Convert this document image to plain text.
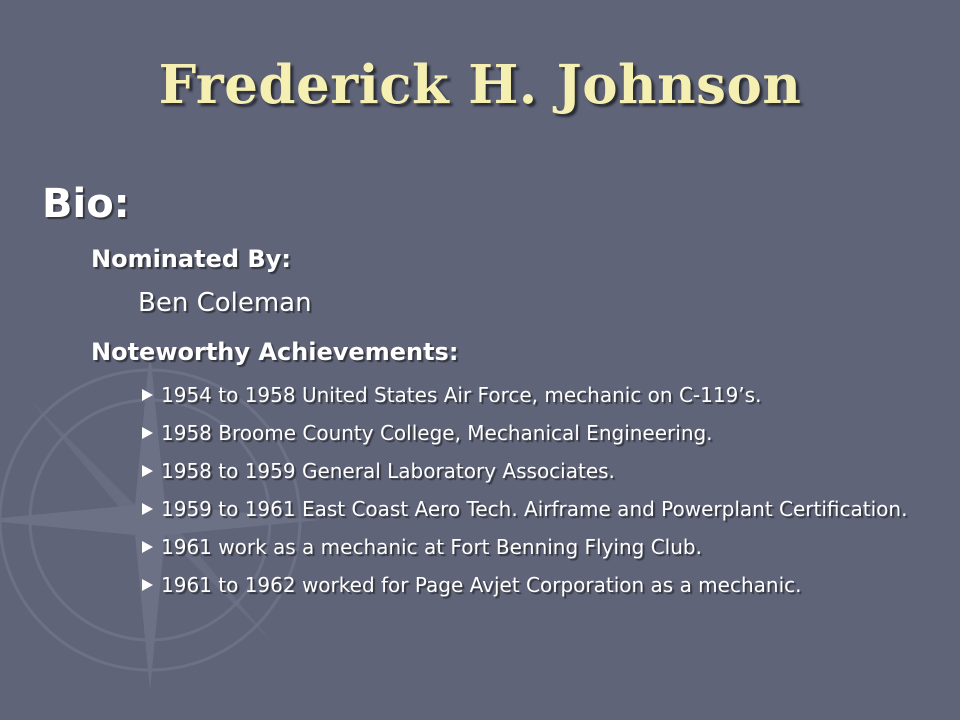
Frederick H. Johnson
Bio:
Nominated By:
Ben Coleman
Noteworthy Achievements:
1954 to 1958 United States Air Force, mechanic on C-119’s.
1958 Broome County College, Mechanical Engineering.
1958 to 1959 General Laboratory Associates.
1959 to 1961 East Coast Aero Tech. Airframe and Powerplant Certification.
1961 work as a mechanic at Fort Benning Flying Club.
1961 to 1962 worked for Page Avjet Corporation as a mechanic.
